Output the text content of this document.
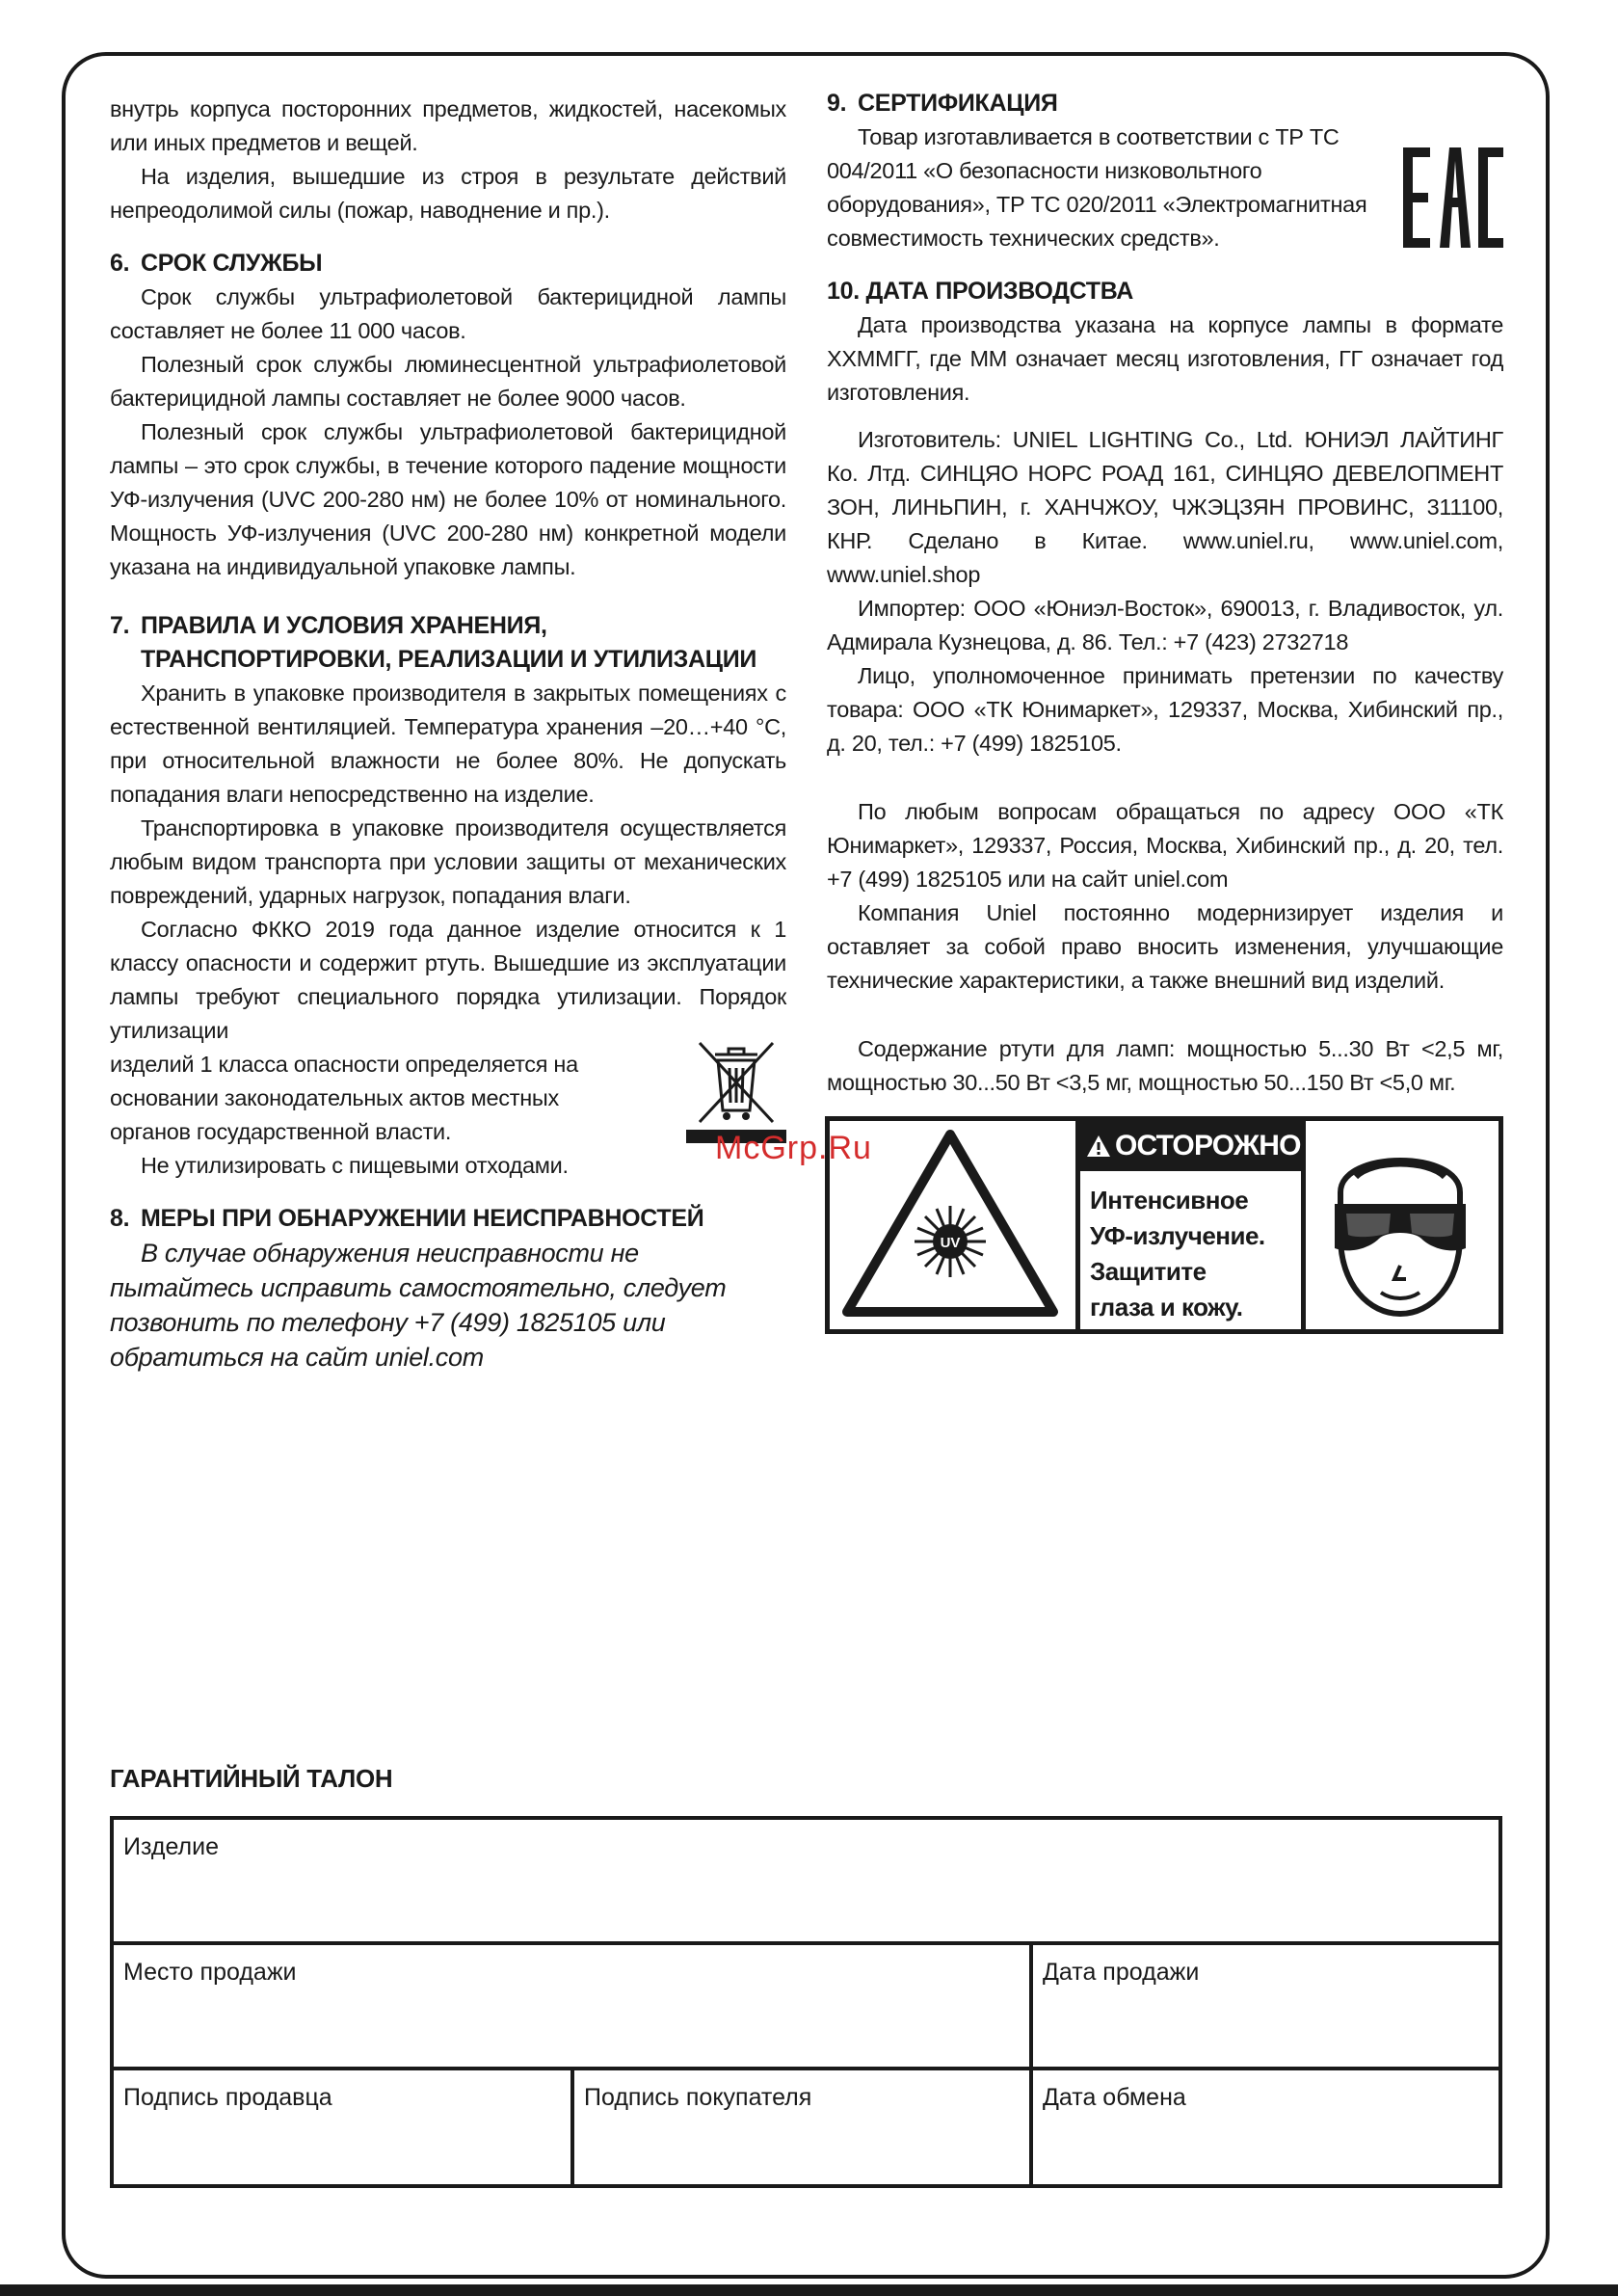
внутрь корпуса посторонних предметов, жидкостей, насекомых или иных предметов и вещей.

На изделия, вышедшие из строя в результате действий непреодолимой силы (пожар, наводнение и пр.).

6. СРОК СЛУЖБЫ

Срок службы ультрафиолетовой бактерицидной лампы составляет не более 11 000 часов.

Полезный срок службы люминесцентной ультрафиолетовой бактерицидной лампы составляет не более 9000 часов.

Полезный срок службы ультрафиолетовой бактерицидной лампы – это срок службы, в течение которого падение мощности УФ-излучения (UVC 200-280 нм) не более 10% от номинального. Мощность УФ-излучения (UVC 200-280 нм) конкретной модели указана на индивидуальной упаковке лампы.

7. ПРАВИЛА И УСЛОВИЯ ХРАНЕНИЯ,
ТРАНСПОРТИРОВКИ, РЕАЛИЗАЦИИ И УТИЛИЗАЦИИ

Хранить в упаковке производителя в закрытых помещениях с естественной вентиляцией. Температура хранения –20…+40 °C, при относительной влажности не более 80%. Не допускать попадания влаги непосредственно на изделие.

Транспортировка в упаковке производителя осуществляется любым видом транспорта при условии защиты от механических повреждений, ударных нагрузок, попадания влаги.

Согласно ФККО 2019 года данное изделие относится к 1 классу опасности и содержит ртуть. Вышедшие из эксплуатации лампы требуют специального порядка утилизации. Порядок утилизации

изделий 1 класса опасности определяется на основании законодательных актов местных органов государственной власти.

Не утилизировать с пищевыми отходами.

8. МЕРЫ ПРИ ОБНАРУЖЕНИИ НЕИСПРАВНОСТЕЙ

В случае обнаружения неисправности не пытайтесь исправить самостоятельно, следует позвонить по телефону +7 (499) 1825105 или обратиться на сайт uniel.com

9. СЕРТИФИКАЦИЯ

Товар изготавливается в соответствии с ТР ТС 004/2011 «О безопасности низковольтного оборудования», ТР ТС 020/2011 «Электромагнитная совместимость технических средств».

10. ДАТА ПРОИЗВОДСТВА

Дата производства указана на корпусе лампы в формате ХХММГГ, где ММ означает месяц изготовления, ГГ означает год изготовления.

Изготовитель: UNIEL LIGHTING Co., Ltd. ЮНИЭЛ ЛАЙТИНГ Ко. Лтд. СИНЦЯО НОРС РОАД 161, СИНЦЯО ДЕВЕЛОПМЕНТ ЗОН, ЛИНЬПИН, г. ХАНЧЖОУ, ЧЖЭЦЗЯН ПРОВИНС, 311100, КНР. Сделано в Китае. www.uniel.ru, www.uniel.com, www.uniel.shop

Импортер: ООО «Юниэл-Восток», 690013, г. Владивосток, ул. Адмирала Кузнецова, д. 86. Тел.: +7 (423) 2732718

Лицо, уполномоченное принимать претензии по качеству товара: ООО «ТК Юнимаркет», 129337, Москва, Хибинский пр., д. 20, тел.: +7 (499) 1825105.

По любым вопросам обращаться по адресу ООО «ТК Юнимаркет», 129337, Россия, Москва, Хибинский пр., д. 20, тел. +7 (499) 1825105 или на сайт uniel.com

Компания Uniel постоянно модернизирует изделия и оставляет за собой право вносить изменения, улучшающие технические характеристики, а также внешний вид изделий.

Содержание ртути для ламп: мощностью 5...30 Вт <2,5 мг, мощностью 30...50 Вт <3,5 мг, мощностью 50...150 Вт <5,0 мг.

UV
ОСТОРОЖНО
Интенсивное
УФ-излучение.
Защитите
глаза и кожу.
McGrp.Ru
ГАРАНТИЙНЫЙ ТАЛОН
Изделие
Место продажи	Дата продажи
Подпись продавца	Подпись покупателя	Дата обмена
